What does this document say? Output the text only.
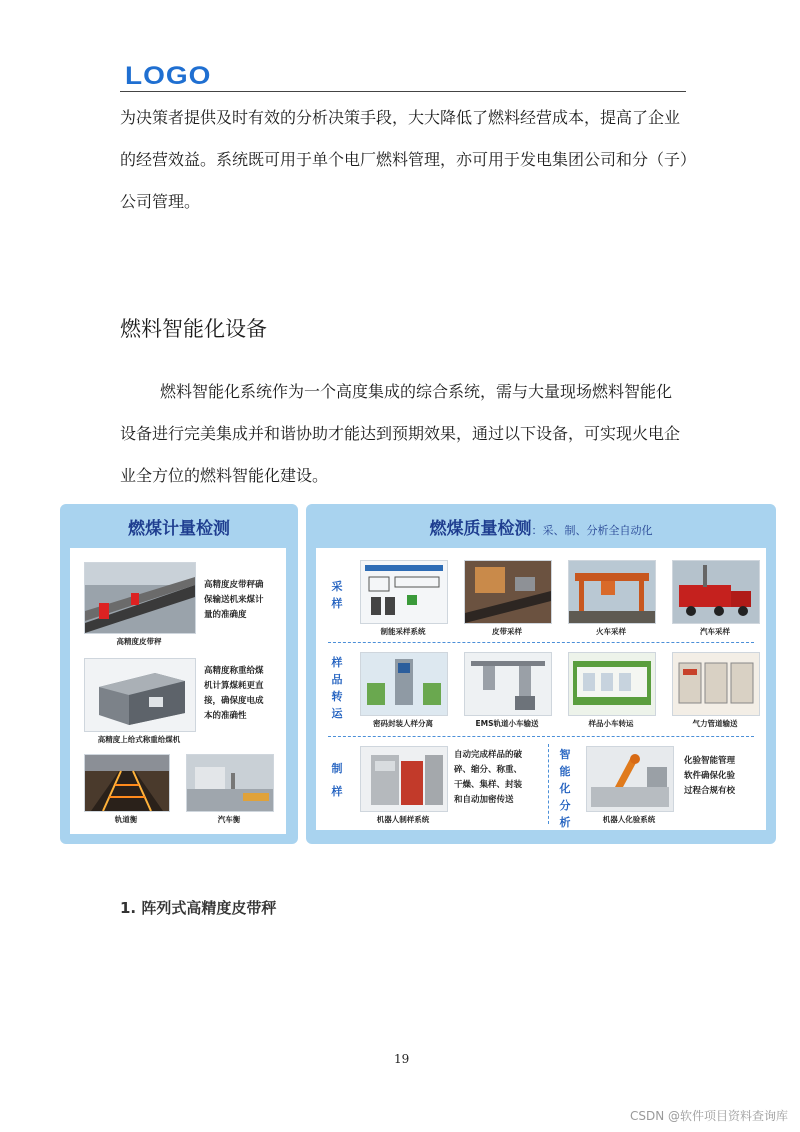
LOGO

为决策者提供及时有效的分析决策手段，大大降低了燃料经营成本，提高了企业

的经营效益。系统既可用于单个电厂燃料管理，亦可用于发电集团公司和分（子）

公司管理。

燃料智能化设备

燃料智能化系统作为一个高度集成的综合系统，需与大量现场燃料智能化

设备进行完美集成并和谐协助才能达到预期效果，通过以下设备，可实现火电企

业全方位的燃料智能化建设。

燃煤计量检测
高精度皮带秤
高精度皮带秤确
保输送机来煤计
量的准确度
高精度上给式称重给煤机
高精度称重给煤
机计算煤耗更直
接，确保度电成
本的准确性
轨道衡	汽车衡
燃煤质量检测：采、制、分析全自动化
采
样
制能采样系统	皮带采样	火车采样	汽车采样
样
品
转
运
密码封装人样分离	EMS轨道小车输送	样品小车转运	气力管道输送
制
样
机器人制样系统
自动完成样品的破
碎、缩分、称重、
干燥、集样、封装
和自动加密传送
智
能
化
分
析	机器人化验系统
化验智能管理
软件确保化验
过程合规有校
1. 阵列式高精度皮带秤
19
CSDN @软件项目资料查询库
